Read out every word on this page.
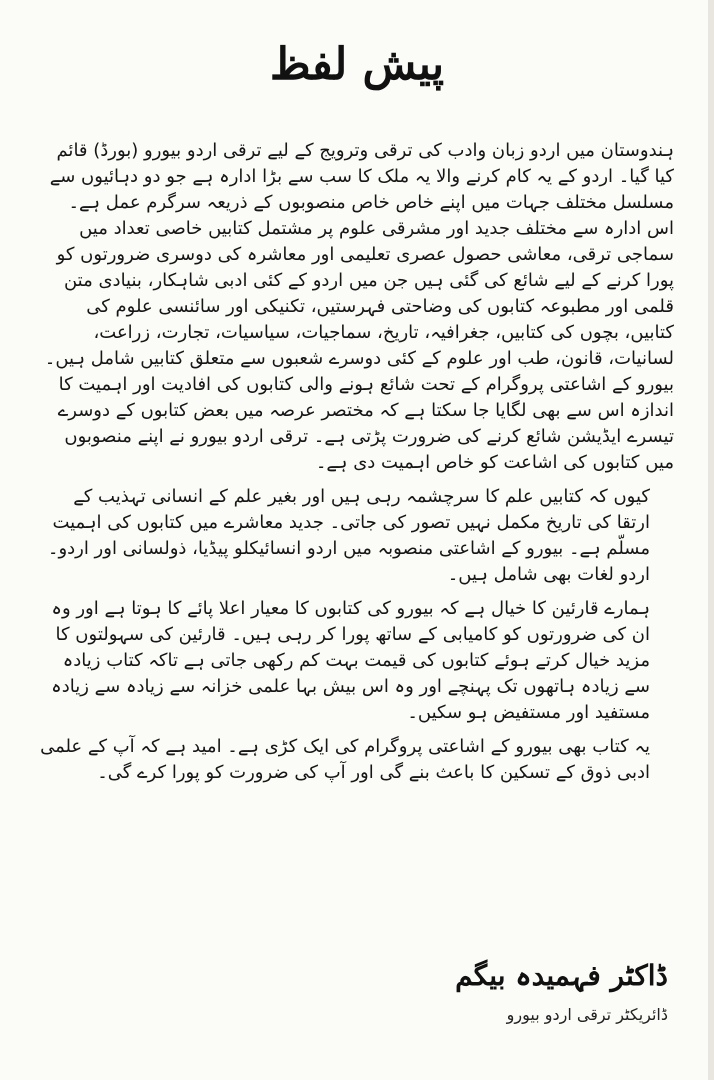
پیش لفظ

ہندوستان میں اردو زبان وادب کی ترقی وترویج کے لیے ترقی اردو بیورو (بورڈ) قائم کیا گیا۔ اردو کے یہ کام کرنے والا یہ ملک کا سب سے بڑا ادارہ ہے جو دو دہائیوں سے مسلسل مختلف جہات میں اپنے خاص خاص منصوبوں کے ذریعہ سرگرم عمل ہے۔ اس ادارہ سے مختلف جدید اور مشرقی علوم پر مشتمل کتابیں خاصی تعداد میں سماجی ترقی، معاشی حصول عصری تعلیمی اور معاشرہ کی دوسری ضرورتوں کو پورا کرنے کے لیے شائع کی گئی ہیں جن میں اردو کے کئی ادبی شاہکار، بنیادی متن قلمی اور مطبوعہ کتابوں کی وضاحتی فہرستیں، تکنیکی اور سائنسی علوم کی کتابیں، بچوں کی کتابیں، جغرافیہ، تاریخ، سماجیات، سیاسیات، تجارت، زراعت، لسانیات، قانون، طب اور علوم کے کئی دوسرے شعبوں سے متعلق کتابیں شامل ہیں۔ بیورو کے اشاعتی پروگرام کے تحت شائع ہونے والی کتابوں کی افادیت اور اہمیت کا اندازہ اس سے بھی لگایا جا سکتا ہے کہ مختصر عرصہ میں بعض کتابوں کے دوسرے تیسرے ایڈیشن شائع کرنے کی ضرورت پڑتی ہے۔ ترقی اردو بیورو نے اپنے منصوبوں میں کتابوں کی اشاعت کو خاص اہمیت دی ہے۔

کیوں کہ کتابیں علم کا سرچشمہ رہی ہیں اور بغیر علم کے انسانی تہذیب کے ارتقا کی تاریخ مکمل نہیں تصور کی جاتی۔ جدید معاشرے میں کتابوں کی اہمیت مسلّم ہے۔ بیورو کے اشاعتی منصوبہ میں اردو انسائیکلو پیڈیا، ذولسانی اور اردو۔ اردو لغات بھی شامل ہیں۔

ہمارے قارئین کا خیال ہے کہ بیورو کی کتابوں کا معیار اعلا پائے کا ہوتا ہے اور وہ ان کی ضرورتوں کو کامیابی کے ساتھ پورا کر رہی ہیں۔ قارئین کی سہولتوں کا مزید خیال کرتے ہوئے کتابوں کی قیمت بہت کم رکھی جاتی ہے تاکہ کتاب زیادہ سے زیادہ ہاتھوں تک پہنچے اور وہ اس بیش بہا علمی خزانہ سے زیادہ سے زیادہ مستفید اور مستفیض ہو سکیں۔

یہ کتاب بھی بیورو کے اشاعتی پروگرام کی ایک کڑی ہے۔ امید ہے کہ آپ کے علمی ادبی ذوق کے تسکین کا باعث بنے گی اور آپ کی ضرورت کو پورا کرے گی۔

ڈاکٹر فہمیدہ بیگم
ڈائریکٹر ترقی اردو بیورو
